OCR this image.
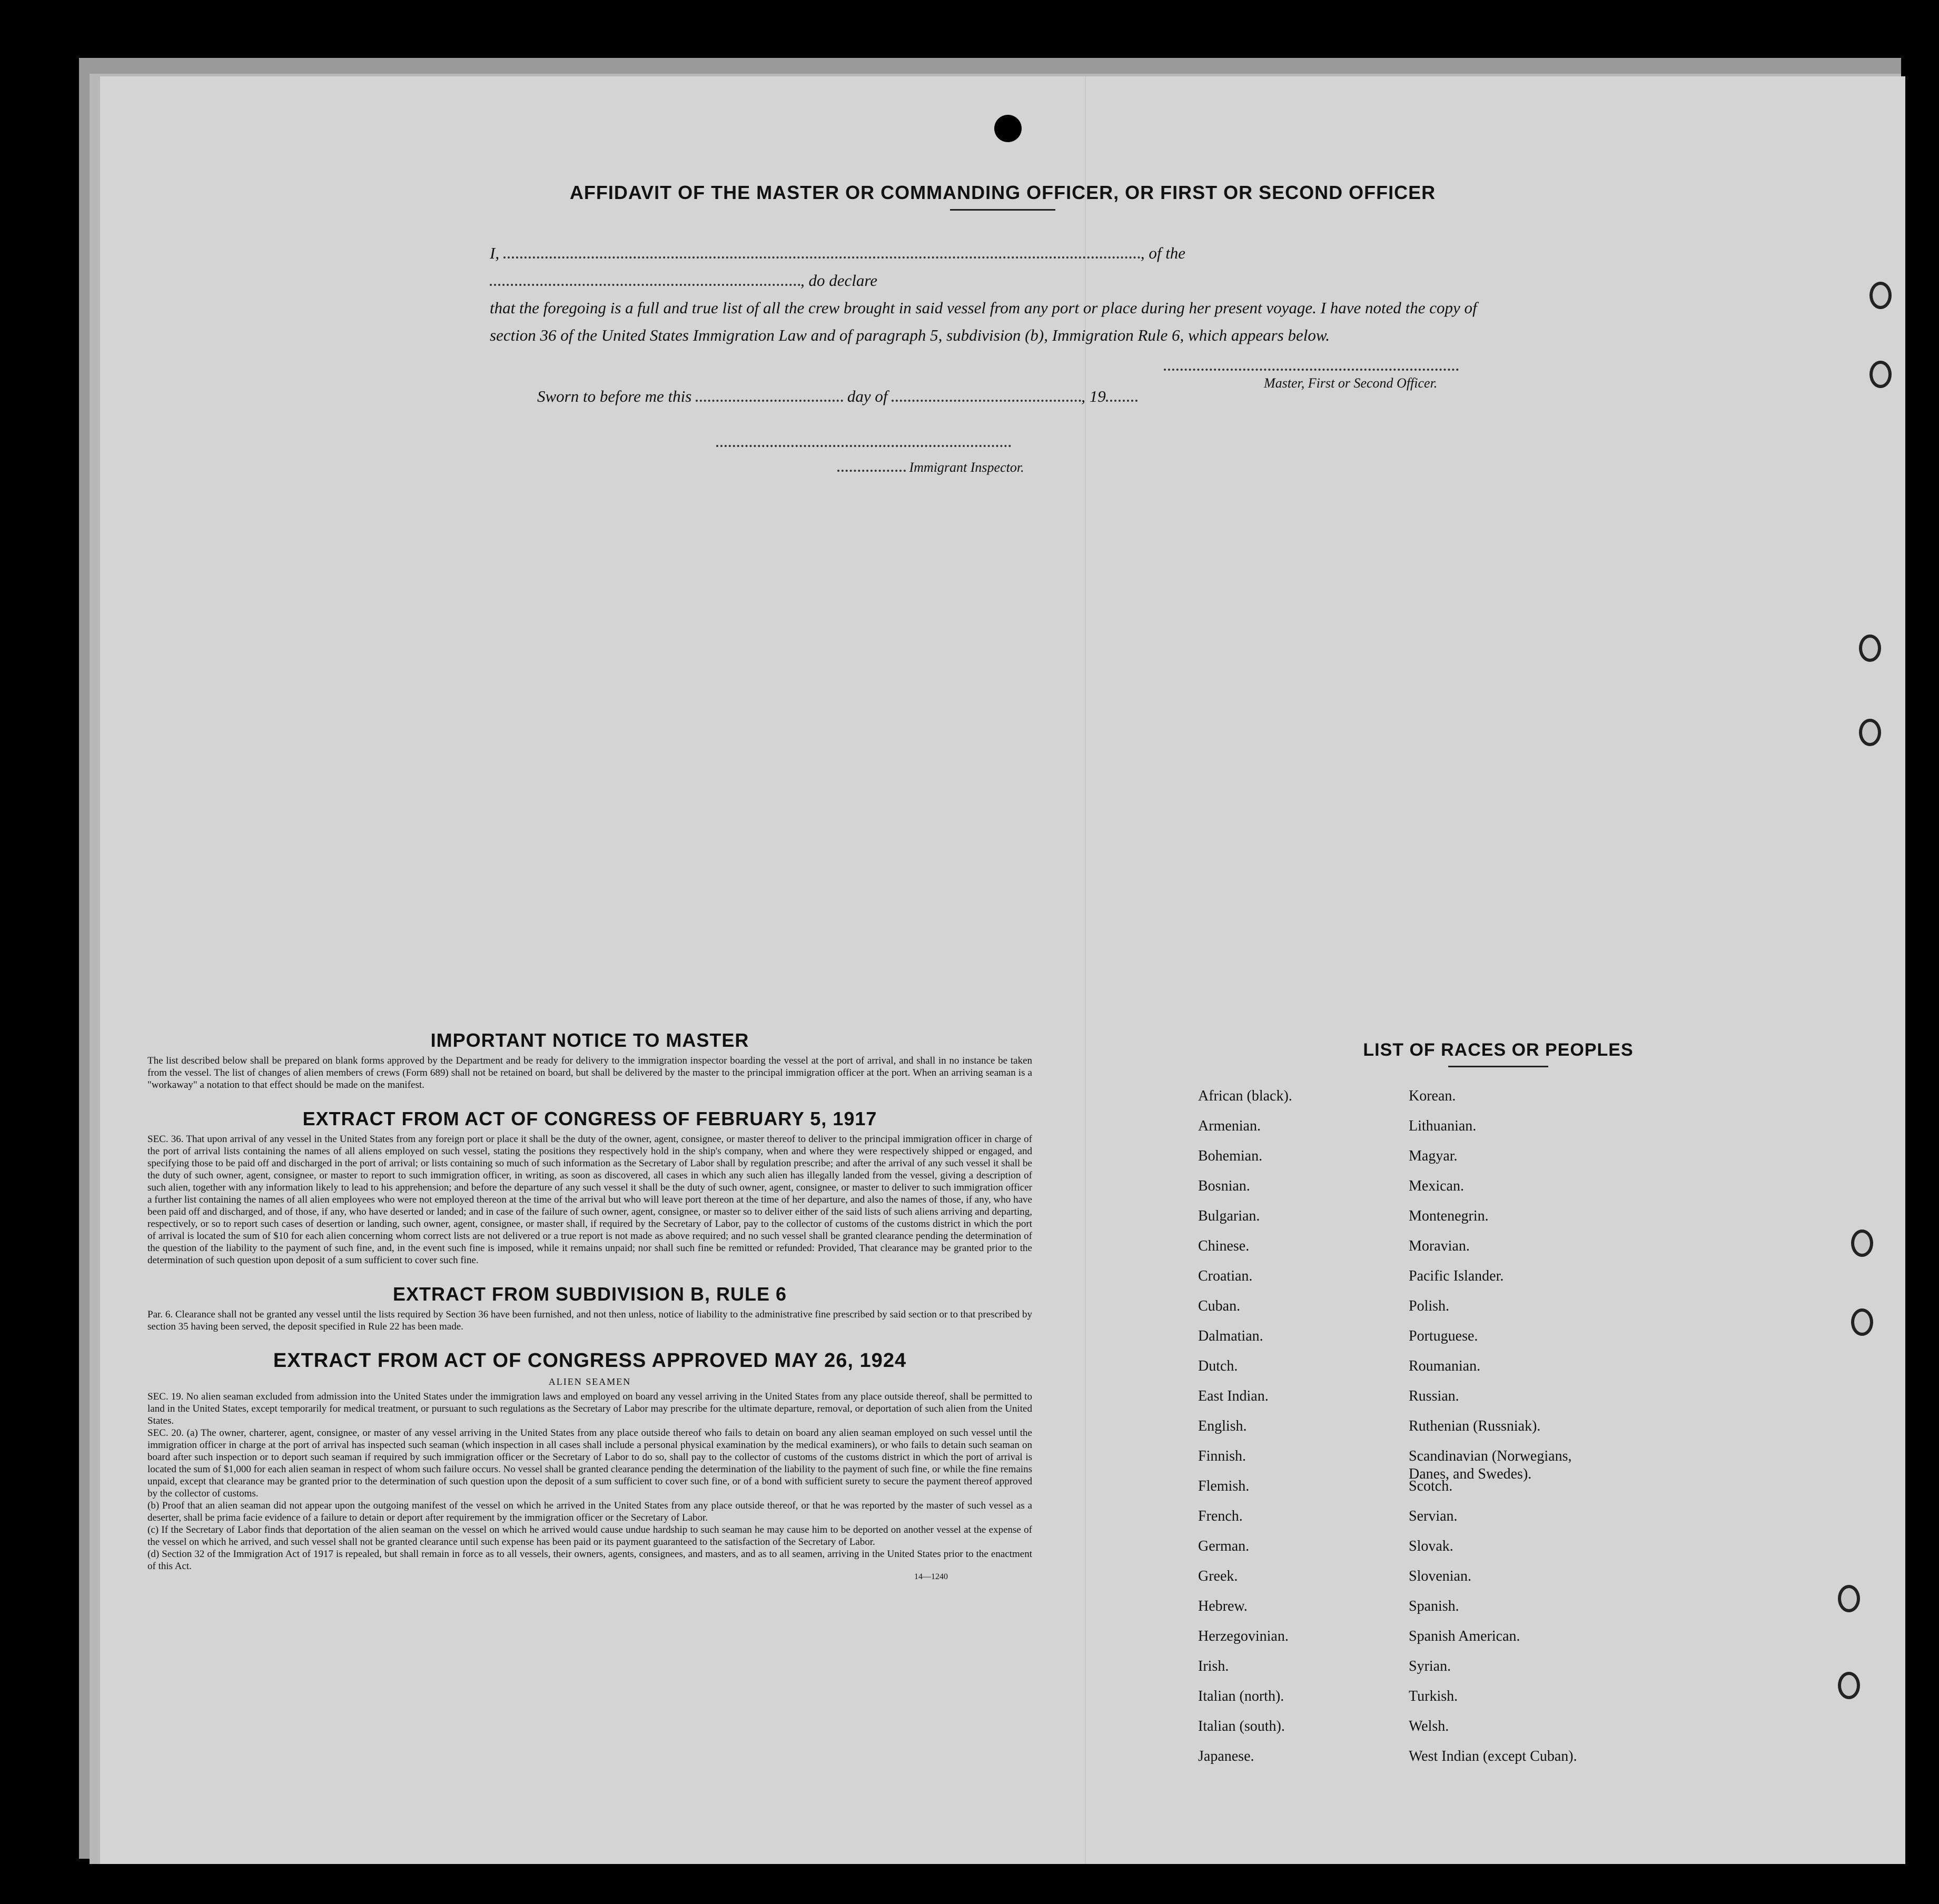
AFFIDAVIT OF THE MASTER OR COMMANDING OFFICER, OR FIRST OR SECOND OFFICER
I,	, of the , do declare
that the foregoing is a full and true list of all the crew brought in said vessel from any port or place during her present voyage. I have noted the copy of section 36 of the United States Immigration Law and of paragraph 5, subdivision (b), Immigration Rule 6, which appears below.
Master, First or Second Officer.
Sworn to before me this	day of	, 19
Immigrant Inspector.
IMPORTANT NOTICE TO MASTER

The list described below shall be prepared on blank forms approved by the Department and be ready for delivery to the immigration inspector boarding the vessel at the port of arrival, and shall in no instance be taken from the vessel. The list of changes of alien members of crews (Form 689) shall not be retained on board, but shall be delivered by the master to the principal immigration officer at the port. When an arriving seaman is a "workaway" a notation to that effect should be made on the manifest.

EXTRACT FROM ACT OF CONGRESS OF FEBRUARY 5, 1917

SEC. 36. That upon arrival of any vessel in the United States from any foreign port or place it shall be the duty of the owner, agent, consignee, or master thereof to deliver to the principal immigration officer in charge of the port of arrival lists containing the names of all aliens employed on such vessel, stating the positions they respectively hold in the ship's company, when and where they were respectively shipped or engaged, and specifying those to be paid off and discharged in the port of arrival; or lists containing so much of such information as the Secretary of Labor shall by regulation prescribe; and after the arrival of any such vessel it shall be the duty of such owner, agent, consignee, or master to report to such immigration officer, in writing, as soon as discovered, all cases in which any such alien has illegally landed from the vessel, giving a description of such alien, together with any information likely to lead to his apprehension; and before the departure of any such vessel it shall be the duty of such owner, agent, consignee, or master to deliver to such immigration officer a further list containing the names of all alien employees who were not employed thereon at the time of the arrival but who will leave port thereon at the time of her departure, and also the names of those, if any, who have been paid off and discharged, and of those, if any, who have deserted or landed; and in case of the failure of such owner, agent, consignee, or master so to deliver either of the said lists of such aliens arriving and departing, respectively, or so to report such cases of desertion or landing, such owner, agent, consignee, or master shall, if required by the Secretary of Labor, pay to the collector of customs of the customs district in which the port of arrival is located the sum of $10 for each alien concerning whom correct lists are not delivered or a true report is not made as above required; and no such vessel shall be granted clearance pending the determination of the question of the liability to the payment of such fine, and, in the event such fine is imposed, while it remains unpaid; nor shall such fine be remitted or refunded: Provided, That clearance may be granted prior to the determination of such question upon deposit of a sum sufficient to cover such fine.

EXTRACT FROM SUBDIVISION B, RULE 6

Par. 6. Clearance shall not be granted any vessel until the lists required by Section 36 have been furnished, and not then unless, notice of liability to the administrative fine prescribed by said section or to that prescribed by section 35 having been served, the deposit specified in Rule 22 has been made.

EXTRACT FROM ACT OF CONGRESS APPROVED MAY 26, 1924
ALIEN SEAMEN

SEC. 19. No alien seaman excluded from admission into the United States under the immigration laws and employed on board any vessel arriving in the United States from any place outside thereof, shall be permitted to land in the United States, except temporarily for medical treatment, or pursuant to such regulations as the Secretary of Labor may prescribe for the ultimate departure, removal, or deportation of such alien from the United States.

SEC. 20. (a) The owner, charterer, agent, consignee, or master of any vessel arriving in the United States from any place outside thereof who fails to detain on board any alien seaman employed on such vessel until the immigration officer in charge at the port of arrival has inspected such seaman (which inspection in all cases shall include a personal physical examination by the medical examiners), or who fails to detain such seaman on board after such inspection or to deport such seaman if required by such immigration officer or the Secretary of Labor to do so, shall pay to the collector of customs of the customs district in which the port of arrival is located the sum of $1,000 for each alien seaman in respect of whom such failure occurs. No vessel shall be granted clearance pending the determination of the liability to the payment of such fine, or while the fine remains unpaid, except that clearance may be granted prior to the determination of such question upon the deposit of a sum sufficient to cover such fine, or of a bond with sufficient surety to secure the payment thereof approved by the collector of customs.

(b) Proof that an alien seaman did not appear upon the outgoing manifest of the vessel on which he arrived in the United States from any place outside thereof, or that he was reported by the master of such vessel as a deserter, shall be prima facie evidence of a failure to detain or deport after requirement by the immigration officer or the Secretary of Labor.

(c) If the Secretary of Labor finds that deportation of the alien seaman on the vessel on which he arrived would cause undue hardship to such seaman he may cause him to be deported on another vessel at the expense of the vessel on which he arrived, and such vessel shall not be granted clearance until such expense has been paid or its payment guaranteed to the satisfaction of the Secretary of Labor.

(d) Section 32 of the Immigration Act of 1917 is repealed, but shall remain in force as to all vessels, their owners, agents, consignees, and masters, and as to all seamen, arriving in the United States prior to the enactment of this Act.

14—1240
LIST OF RACES OR PEOPLES
African (black).	Korean.
Armenian.	Lithuanian.
Bohemian.	Magyar.
Bosnian.	Mexican.
Bulgarian.	Montenegrin.
Chinese.	Moravian.
Croatian.	Pacific Islander.
Cuban.	Polish.
Dalmatian.	Portuguese.
Dutch.	Roumanian.
East Indian.	Russian.
English.	Ruthenian (Russniak).
Finnish.	Scandinavian (Norwegians, Danes, and Swedes).
Flemish.	Scotch.
French.	Servian.
German.	Slovak.
Greek.	Slovenian.
Hebrew.	Spanish.
Herzegovinian.	Spanish American.
Irish.	Syrian.
Italian (north).	Turkish.
Italian (south).	Welsh.
Japanese.	West Indian (except Cuban).
